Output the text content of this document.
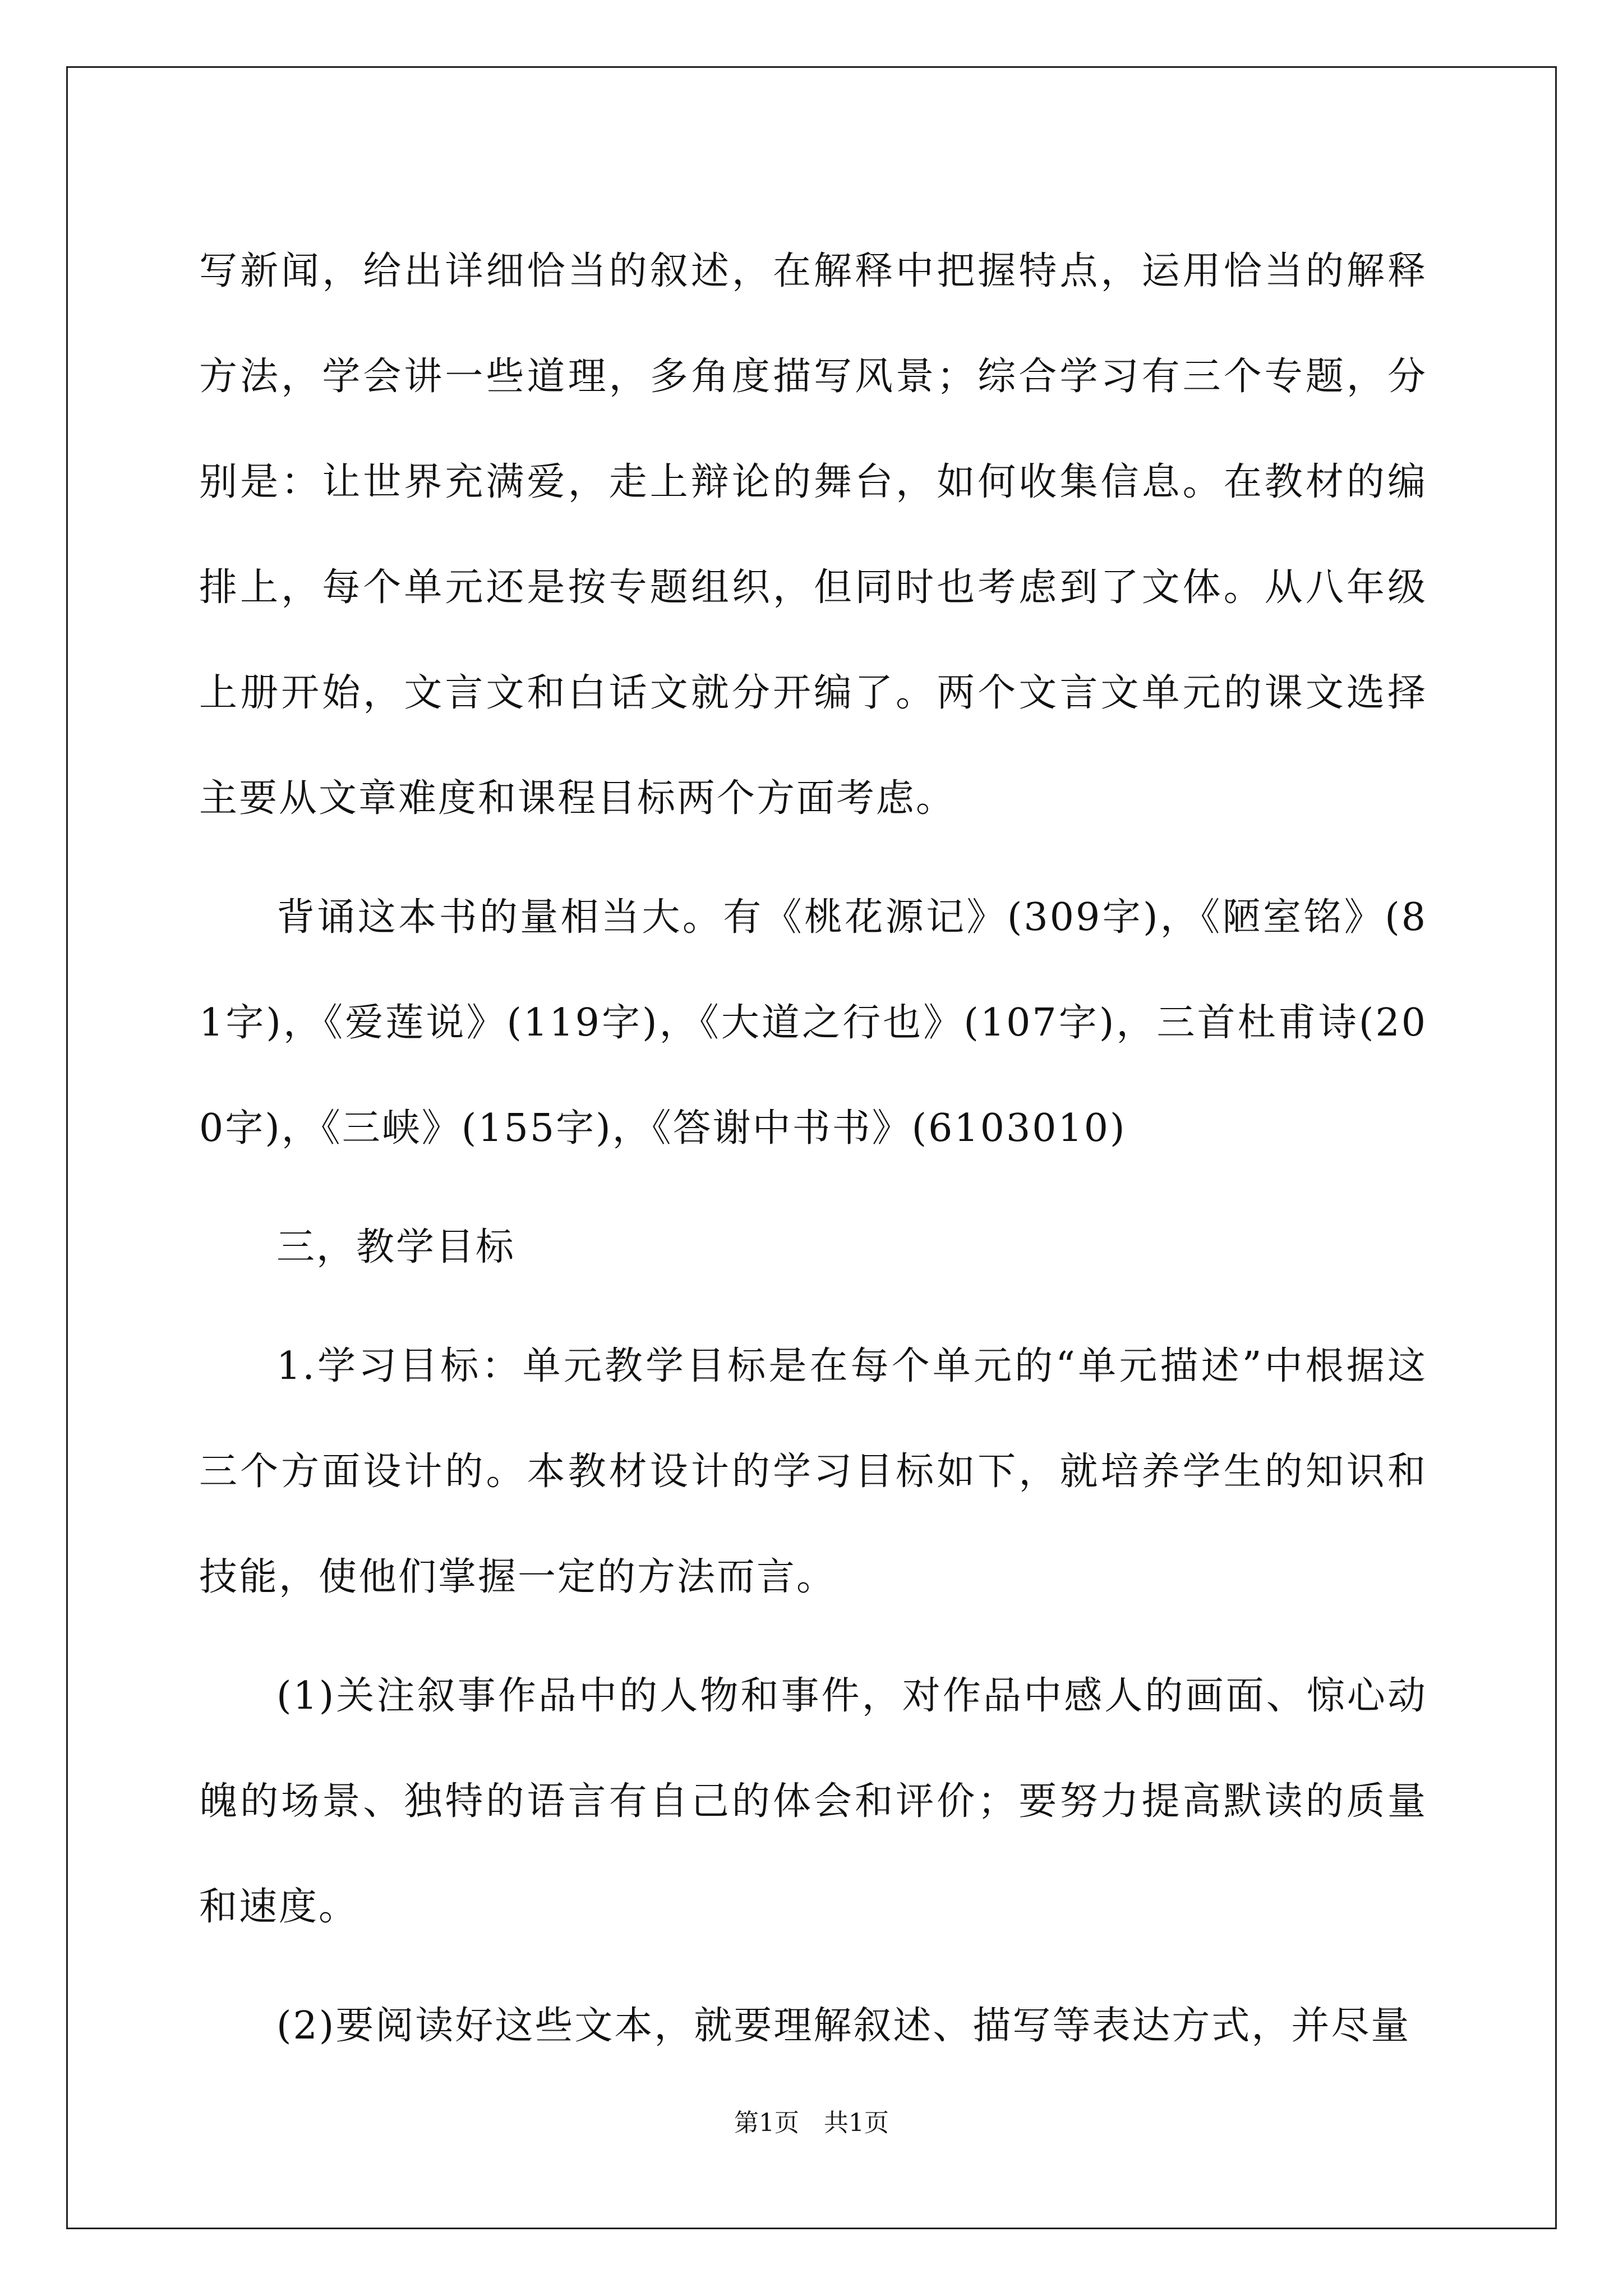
写新闻，给出详细恰当的叙述，在解释中把握特点，运用恰当的解释方法，学会讲一些道理，多角度描写风景；综合学习有三个专题，分别是：让世界充满爱，走上辩论的舞台，如何收集信息。在教材的编排上，每个单元还是按专题组织，但同时也考虑到了文体。从八年级上册开始，文言文和白话文就分开编了。两个文言文单元的课文选择主要从文章难度和课程目标两个方面考虑。

背诵这本书的量相当大。有《桃花源记》(309字)，《陋室铭》(81字)，《爱莲说》(119字)，《大道之行也》(107字)，三首杜甫诗(200字)，《三峡》(155字)，《答谢中书书》(6103010)

三，教学目标

1.学习目标：单元教学目标是在每个单元的“单元描述”中根据这三个方面设计的。本教材设计的学习目标如下，就培养学生的知识和技能，使他们掌握一定的方法而言。

(1)关注叙事作品中的人物和事件，对作品中感人的画面、惊心动魄的场景、独特的语言有自己的体会和评价；要努力提高默读的质量和速度。

(2)要阅读好这些文本，就要理解叙述、描写等表达方式，并尽量

第1页　共1页
